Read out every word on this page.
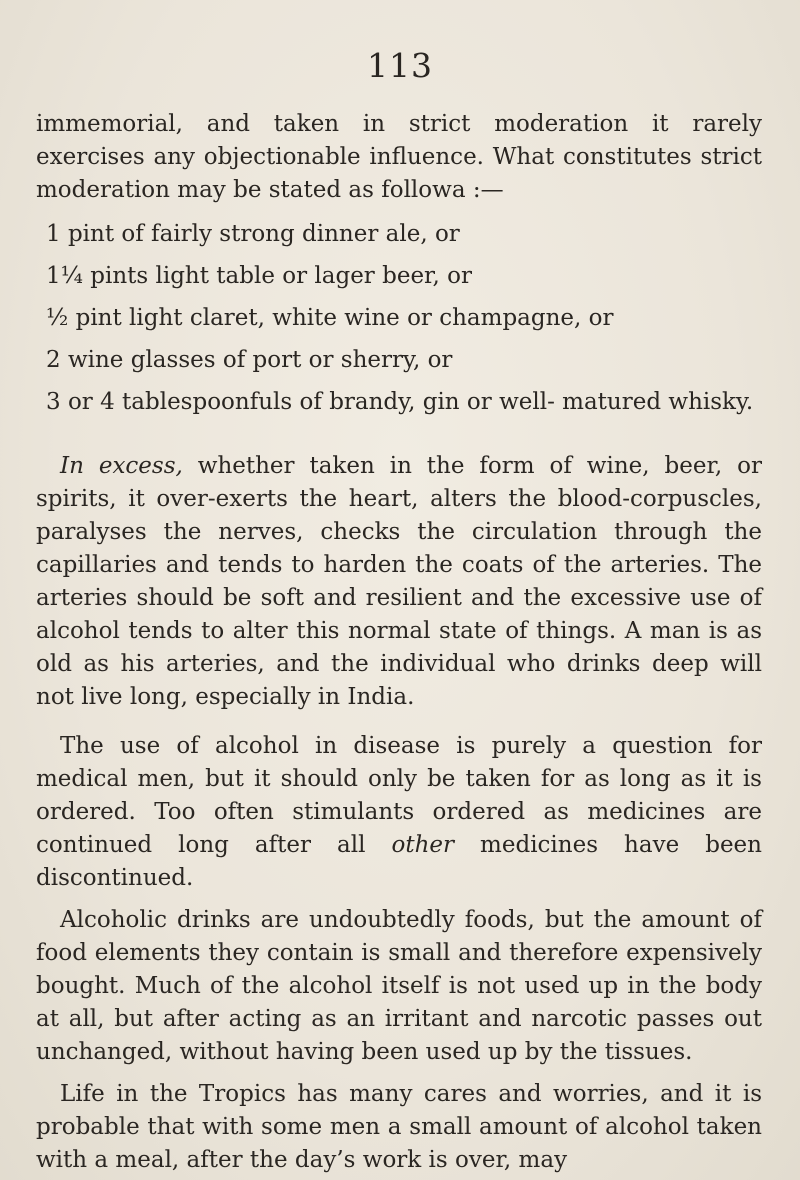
113

immemorial, and taken in strict moderation it rarely exercises any objectionable influence. What constitutes strict moderation may be stated as followa :—

1 pint of fairly strong dinner ale, or
1¼ pints light table or lager beer, or
½ pint light claret, white wine or champagne, or
2 wine glasses of port or sherry, or
3 or 4 tablespoonfuls of brandy, gin or well- matured whisky.

In excess, whether taken in the form of wine, beer, or spirits, it over-exerts the heart, alters the blood-corpuscles, paralyses the nerves, checks the circulation through the capillaries and tends to harden the coats of the arteries. The arteries should be soft and resilient and the excessive use of alcohol tends to alter this normal state of things. A man is as old as his arteries, and the individual who drinks deep will not live long, especially in India.

The use of alcohol in disease is purely a question for medical men, but it should only be taken for as long as it is ordered. Too often stimulants ordered as medicines are continued long after all other medicines have been discontinued.

Alcoholic drinks are undoubtedly foods, but the amount of food elements they contain is small and therefore expensively bought. Much of the alcohol itself is not used up in the body at all, but after acting as an irritant and narcotic passes out unchanged, without having been used up by the tissues.

Life in the Tropics has many cares and worries, and it is probable that with some men a small amount of alcohol taken with a meal, after the day’s work is over, may
